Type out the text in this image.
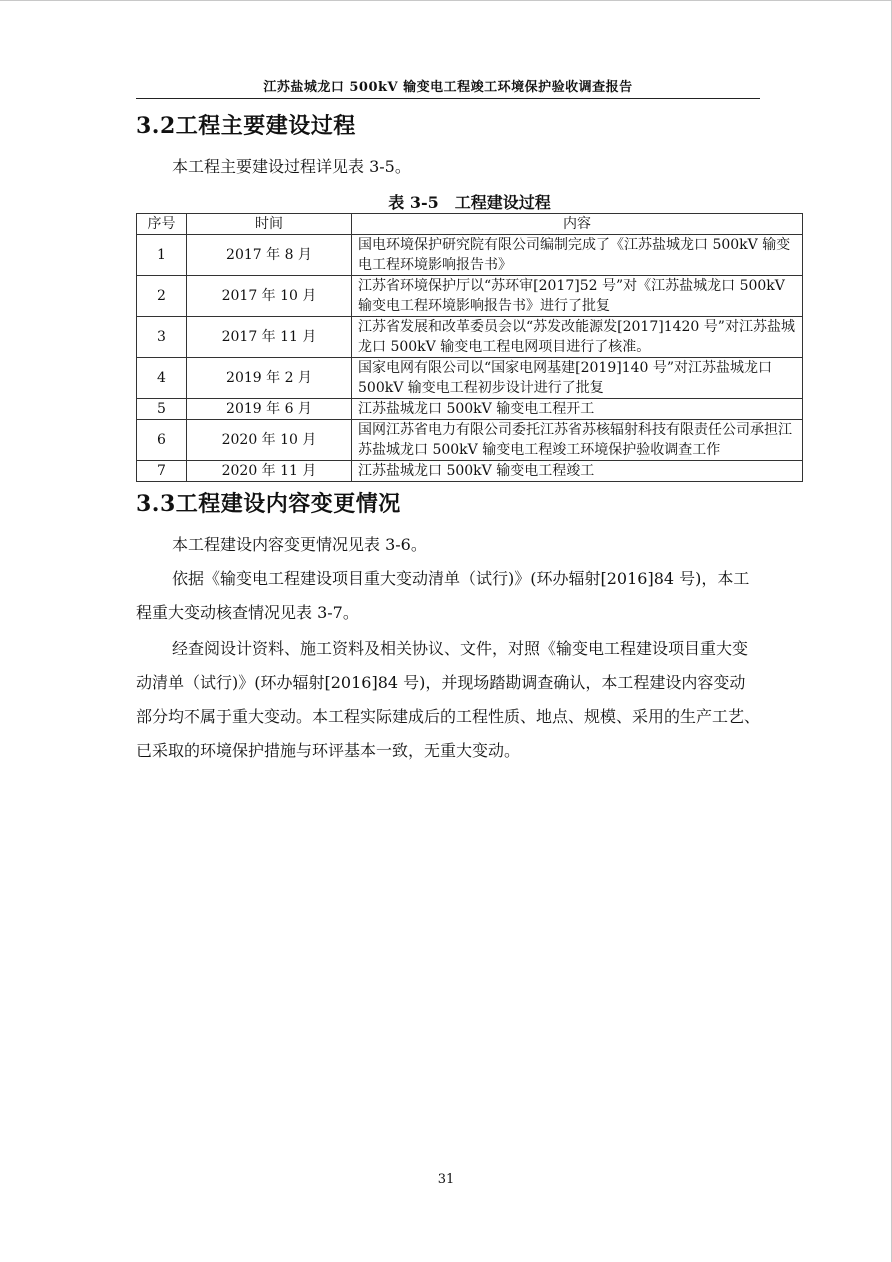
江苏盐城龙口 500kV 输变电工程竣工环境保护验收调查报告
3.2工程主要建设过程
本工程主要建设过程详见表 3-5。
表 3-5　工程建设过程
序号	时间	内容
1	2017 年 8 月	国电环境保护研究院有限公司编制完成了《江苏盐城龙口 500kV 输变电工程环境影响报告书》
2	2017 年 10 月	江苏省环境保护厅以“苏环审[2017]52 号”对《江苏盐城龙口 500kV 输变电工程环境影响报告书》进行了批复
3	2017 年 11 月	江苏省发展和改革委员会以“苏发改能源发[2017]1420 号”对江苏盐城龙口 500kV 输变电工程电网项目进行了核准。
4	2019 年 2 月	国家电网有限公司以“国家电网基建[2019]140 号”对江苏盐城龙口 500kV 输变电工程初步设计进行了批复
5	2019 年 6 月	江苏盐城龙口 500kV 输变电工程开工
6	2020 年 10 月	国网江苏省电力有限公司委托江苏省苏核辐射科技有限责任公司承担江苏盐城龙口 500kV 输变电工程竣工环境保护验收调查工作
7	2020 年 11 月	江苏盐城龙口 500kV 输变电工程竣工
3.3工程建设内容变更情况
本工程建设内容变更情况见表 3-6。
依据《输变电工程建设项目重大变动清单（试行)》(环办辐射[2016]84 号)，本工程重大变动核查情况见表 3-7。
经查阅设计资料、施工资料及相关协议、文件，对照《输变电工程建设项目重大变动清单（试行)》(环办辐射[2016]84 号)，并现场踏勘调查确认，本工程建设内容变动部分均不属于重大变动。本工程实际建成后的工程性质、地点、规模、采用的生产工艺、已采取的环境保护措施与环评基本一致，无重大变动。
31
